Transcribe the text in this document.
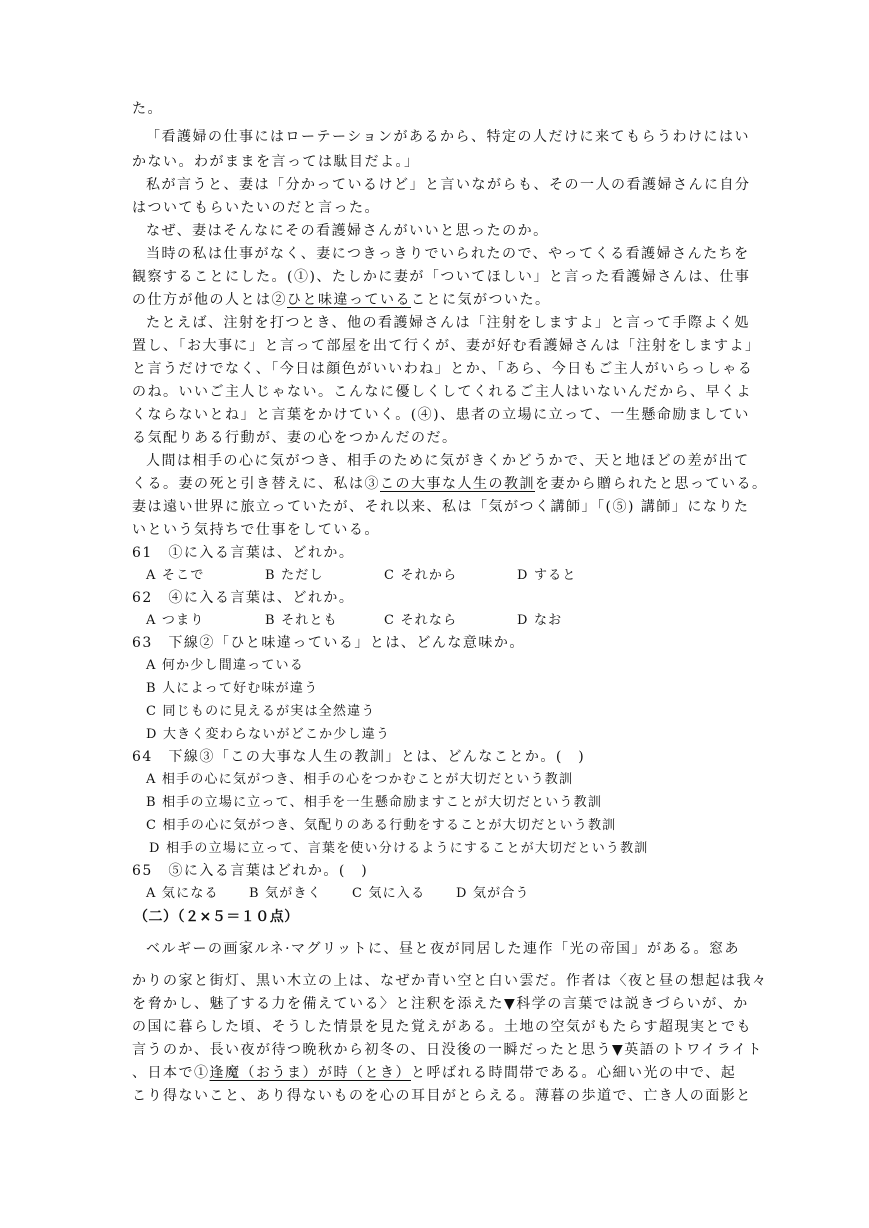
た。
「看護婦の仕事にはローテーションがあるから、特定の人だけに来てもらうわけにはい
かない。わがままを言っては駄目だよ。」
私が言うと、妻は「分かっているけど」と言いながらも、その一人の看護婦さんに自分
はついてもらいたいのだと言った。
なぜ、妻はそんなにその看護婦さんがいいと思ったのか。
当時の私は仕事がなく、妻につきっきりでいられたので、やってくる看護婦さんたちを
観察することにした。(①)、たしかに妻が「ついてほしい」と言った看護婦さんは、仕事
の仕方が他の人とは②ひと味違っていることに気がついた。
たとえば、注射を打つとき、他の看護婦さんは「注射をしますよ」と言って手際よく処
置し、「お大事に」と言って部屋を出て行くが、妻が好む看護婦さんは「注射をしますよ」
と言うだけでなく、「今日は顔色がいいわね」とか、「あら、今日もご主人がいらっしゃる
のね。いいご主人じゃない。こんなに優しくしてくれるご主人はいないんだから、早くよ
くならないとね」と言葉をかけていく。(④)、患者の立場に立って、一生懸命励ましてい
る気配りある行動が、妻の心をつかんだのだ。
人間は相手の心に気がつき、相手のために気がきくかどうかで、天と地ほどの差が出て
くる。妻の死と引き替えに、私は③この大事な人生の教訓を妻から贈られたと思っている。
妻は遠い世界に旅立っていたが、それ以来、私は「気がつく講師」「(⑤) 講師」になりた
いという気持ちで仕事をしている。
61　①に入る言葉は、どれか。
A そこで	B ただし	C それから	D すると
62　④に入る言葉は、どれか。
A つまり	B それとも	C それなら	D なお
63　下線②「ひと味違っている」とは、どんな意味か。
A 何か少し間違っている
B 人によって好む味が違う
C 同じものに見えるが実は全然違う
D 大きく変わらないがどこか少し違う
64　下線③「この大事な人生の教訓」とは、どんなことか。(　)
A 相手の心に気がつき、相手の心をつかむことが大切だという教訓
B 相手の立場に立って、相手を一生懸命励ますことが大切だという教訓
C 相手の心に気がつき、気配りのある行動をすることが大切だという教訓
D 相手の立場に立って、言葉を使い分けるようにすることが大切だという教訓
65　⑤に入る言葉はどれか。(　)
A 気になる B 気がきく C 気に入る D 気が合う
（二）（２×５＝１０点）
ベルギーの画家ルネ·マグリットに、昼と夜が同居した連作「光の帝国」がある。窓あ
かりの家と街灯、黒い木立の上は、なぜか青い空と白い雲だ。作者は〈夜と昼の想起は我々
を脅かし、魅了する力を備えている〉と注釈を添えた▼科学の言葉では説きづらいが、か
の国に暮らした頃、そうした情景を見た覚えがある。土地の空気がもたらす超現実とでも
言うのか、長い夜が待つ晩秋から初冬の、日没後の一瞬だったと思う▼英語のトワイライト
、日本で①逢魔（おうま）が時（とき）と呼ばれる時間帯である。心細い光の中で、起
こり得ないこと、あり得ないものを心の耳目がとらえる。薄暮の歩道で、亡き人の面影と
